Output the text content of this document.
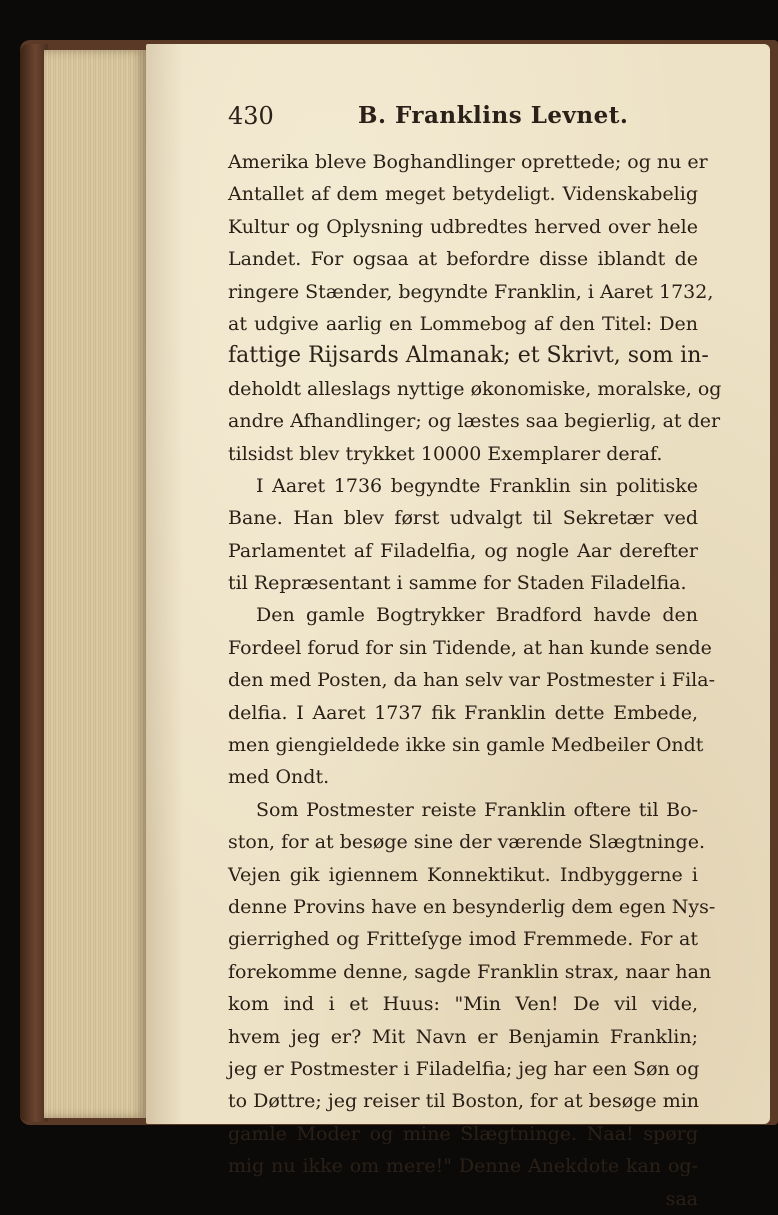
430	B. Franklins Levnet.
Amerika bleve Boghandlinger oprettede; og nu er
Antallet af dem meget betydeligt. Videnskabelig
Kultur og Oplysning udbredtes herved over hele
Landet. For ogsaa at befordre disse iblandt de
ringere Stænder, begyndte Franklin, i Aaret 1732,
at udgive aarlig en Lommebog af den Titel: Den
fattige Rijsards Almanak; et Skrivt, som in-
deholdt alleslags nyttige økonomiske, moralske, og
andre Afhandlinger; og læstes saa begierlig, at der
tilsidst blev trykket 10000 Exemplarer deraf.
I Aaret 1736 begyndte Franklin sin politiske
Bane. Han blev først udvalgt til Sekretær ved
Parlamentet af Filadelfia, og nogle Aar derefter
til Repræsentant i samme for Staden Filadelfia.
Den gamle Bogtrykker Bradford havde den
Fordeel forud for sin Tidende, at han kunde sende
den med Posten, da han selv var Postmester i Fila-
delfia. I Aaret 1737 fik Franklin dette Embede,
men giengieldede ikke sin gamle Medbeiler Ondt
med Ondt.
Som Postmester reiste Franklin oftere til Bo-
ston, for at besøge sine der værende Slægtninge.
Vejen gik igiennem Konnektikut. Indbyggerne i
denne Provins have en besynderlig dem egen Nys-
gierrighed og Fritteſyge imod Fremmede. For at
forekomme denne, sagde Franklin strax, naar han
kom ind i et Huus: "Min Ven! De vil vide,
hvem jeg er? Mit Navn er Benjamin Franklin;
jeg er Postmester i Filadelfia; jeg har een Søn og
to Døttre; jeg reiser til Boston, for at besøge min
gamle Moder og mine Slægtninge. Naa! spørg
mig nu ikke om mere!" Denne Anekdote kan og-
saa
